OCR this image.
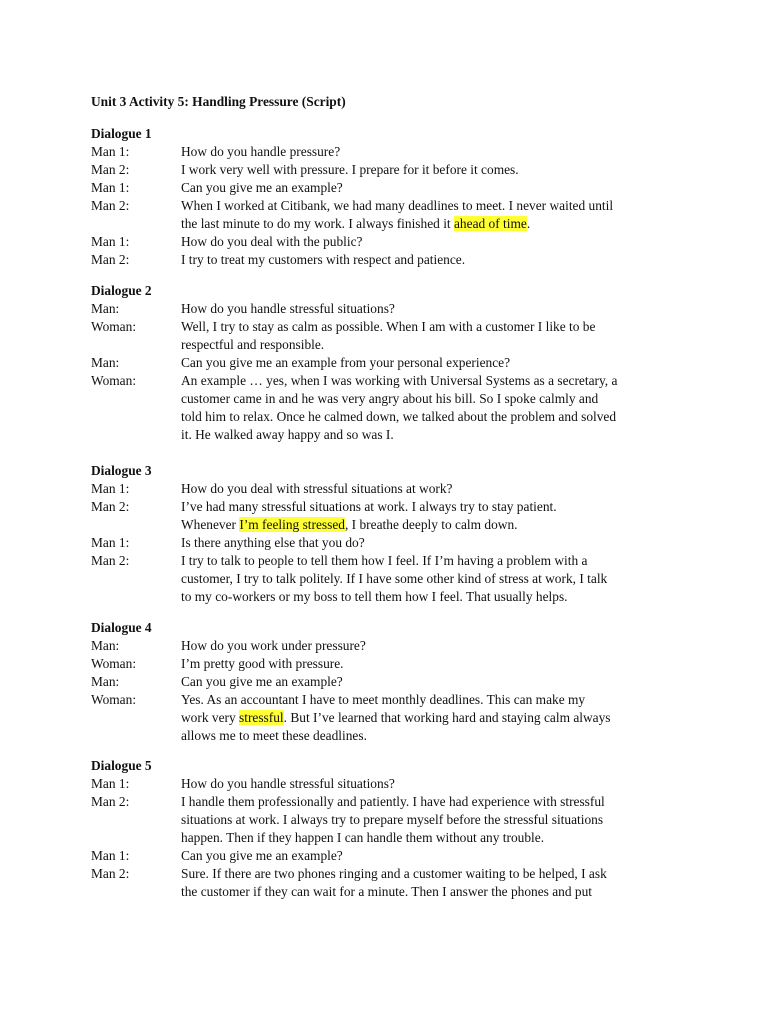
Unit 3 Activity 5: Handling Pressure (Script)
Dialogue 1
Man 1:	How do you handle pressure?
Man 2:	I work very well with pressure. I prepare for it before it comes.
Man 1:	Can you give me an example?
Man 2:	When I worked at Citibank, we had many deadlines to meet. I never waited until
the last minute to do my work. I always finished it ahead of time.
Man 1:	How do you deal with the public?
Man 2:	I try to treat my customers with respect and patience.
Dialogue 2
Man:	How do you handle stressful situations?
Woman:	Well, I try to stay as calm as possible. When I am with a customer I like to be
respectful and responsible.
Man:	Can you give me an example from your personal experience?
Woman:	An example … yes, when I was working with Universal Systems as a secretary, a
customer came in and he was very angry about his bill. So I spoke calmly and
told him to relax. Once he calmed down, we talked about the problem and solved
it. He walked away happy and so was I.
Dialogue 3
Man 1:	How do you deal with stressful situations at work?
Man 2:	I’ve had many stressful situations at work. I always try to stay patient.
Whenever I’m feeling stressed, I breathe deeply to calm down.
Man 1:	Is there anything else that you do?
Man 2:	I try to talk to people to tell them how I feel. If I’m having a problem with a
customer, I try to talk politely. If I have some other kind of stress at work, I talk
to my co-workers or my boss to tell them how I feel. That usually helps.
Dialogue 4
Man:	How do you work under pressure?
Woman:	I’m pretty good with pressure.
Man:	Can you give me an example?
Woman:	Yes. As an accountant I have to meet monthly deadlines. This can make my
work very stressful. But I’ve learned that working hard and staying calm always
allows me to meet these deadlines.
Dialogue 5
Man 1:	How do you handle stressful situations?
Man 2:	I handle them professionally and patiently. I have had experience with stressful
situations at work. I always try to prepare myself before the stressful situations
happen. Then if they happen I can handle them without any trouble.
Man 1:	Can you give me an example?
Man 2:	Sure. If there are two phones ringing and a customer waiting to be helped, I ask
the customer if they can wait for a minute. Then I answer the phones and put
